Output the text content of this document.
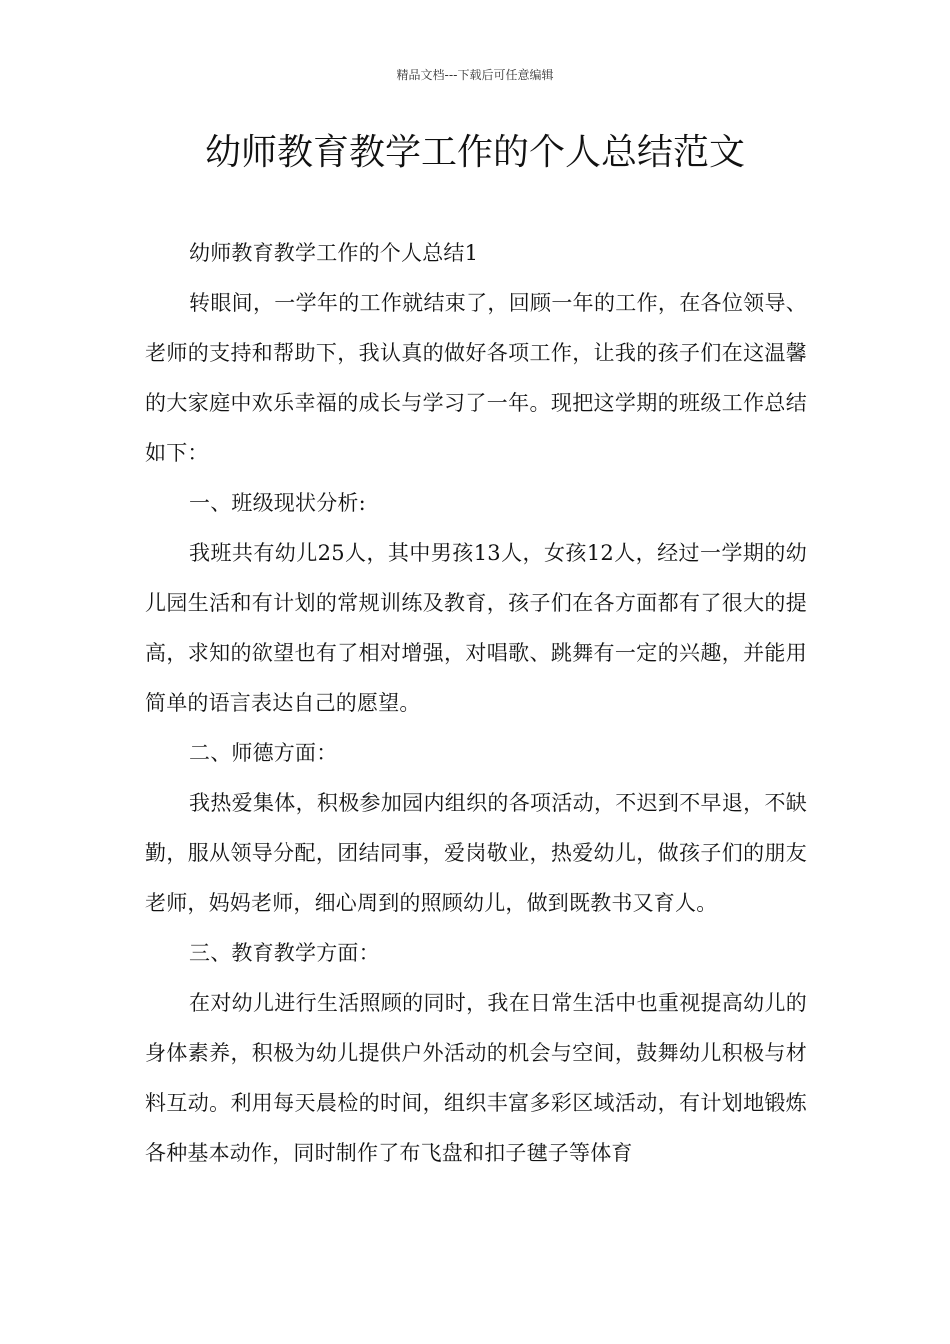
精品文档---下载后可任意编辑
幼师教育教学工作的个人总结范文

幼师教育教学工作的个人总结1

转眼间，一学年的工作就结束了，回顾一年的工作，在各位领导、老师的支持和帮助下，我认真的做好各项工作，让我的孩子们在这温馨的大家庭中欢乐幸福的成长与学习了一年。现把这学期的班级工作总结如下：

一、班级现状分析:

我班共有幼儿25人，其中男孩13人，女孩12人，经过一学期的幼儿园生活和有计划的常规训练及教育，孩子们在各方面都有了很大的提高，求知的欲望也有了相对增强，对唱歌、跳舞有一定的兴趣，并能用简单的语言表达自己的愿望。

二、师德方面：

我热爱集体，积极参加园内组织的各项活动，不迟到不早退，不缺勤，服从领导分配，团结同事，爱岗敬业，热爱幼儿，做孩子们的朋友老师，妈妈老师，细心周到的照顾幼儿，做到既教书又育人。

三、教育教学方面：

在对幼儿进行生活照顾的同时，我在日常生活中也重视提高幼儿的身体素养，积极为幼儿提供户外活动的机会与空间，鼓舞幼儿积极与材料互动。利用每天晨检的时间，组织丰富多彩区域活动，有计划地锻炼各种基本动作，同时制作了布飞盘和扣子毽子等体育
